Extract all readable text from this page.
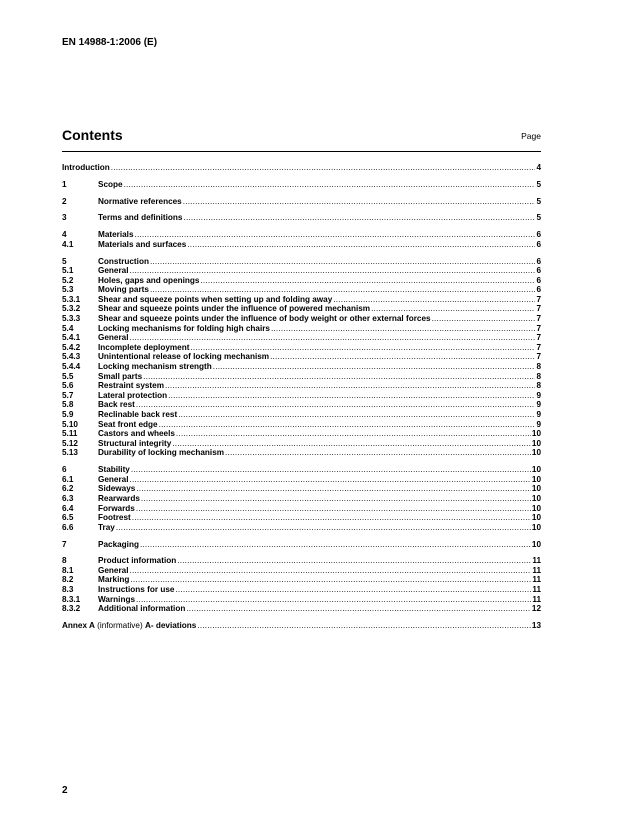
EN 14988-1:2006 (E)
Contents	Page
Introduction .....	4
1	Scope .....	5
2	Normative references .....	5
3	Terms and definitions .....	5
4	Materials .....	6
4.1	Materials and surfaces .....	6
5	Construction .....	6
5.1	General .....	6
5.2	Holes, gaps and openings .....	6
5.3	Moving parts .....	6
5.3.1	Shear and squeeze points when setting up and folding away .....	7
5.3.2	Shear and squeeze points under the influence of powered mechanism .....	7
5.3.3	Shear and squeeze points under the influence of body weight or other external forces .....	7
5.4	Locking mechanisms for folding high chairs .....	7
5.4.1	General .....	7
5.4.2	Incomplete deployment .....	7
5.4.3	Unintentional release of locking mechanism .....	7
5.4.4	Locking mechanism strength .....	8
5.5	Small parts .....	8
5.6	Restraint system .....	8
5.7	Lateral protection .....	9
5.8	Back rest .....	9
5.9	Reclinable back rest .....	9
5.10	Seat front edge .....	9
5.11	Castors and wheels .....	10
5.12	Structural integrity .....	10
5.13	Durability of locking mechanism .....	10
6	Stability .....	10
6.1	General .....	10
6.2	Sideways .....	10
6.3	Rearwards .....	10
6.4	Forwards .....	10
6.5	Footrest .....	10
6.6	Tray .....	10
7	Packaging .....	10
8	Product information .....	11
8.1	General .....	11
8.2	Marking .....	11
8.3	Instructions for use .....	11
8.3.1	Warnings .....	11
8.3.2	Additional information .....	12
Annex A (informative) A- deviations .....	13
2
